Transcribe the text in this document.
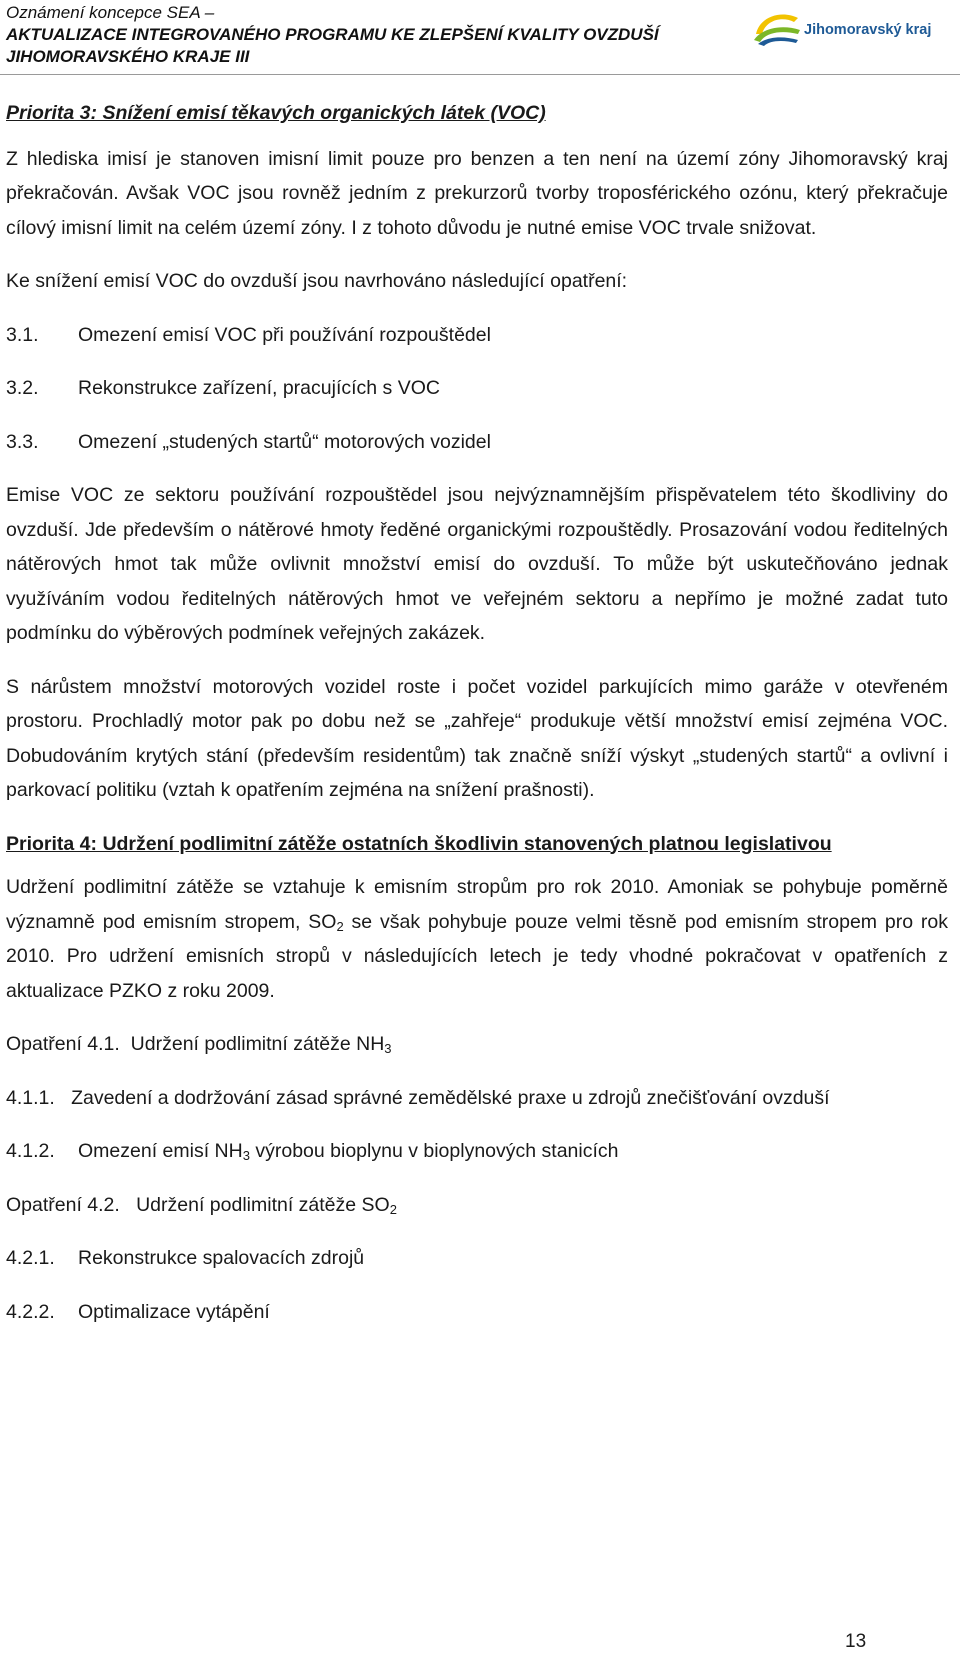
Oznámení koncepce SEA –
AKTUALIZACE INTEGROVANÉHO PROGRAMU KE ZLEPŠENÍ KVALITY OVZDUŠÍ
JIHOMORAVSKÉHO KRAJE III
Jihomoravský kraj

Priorita 3: Snížení emisí těkavých organických látek (VOC)

Z hlediska imisí je stanoven imisní limit pouze pro benzen a ten není na území zóny Jihomoravský kraj překračován. Avšak VOC jsou rovněž jedním z prekurzorů tvorby troposférického ozónu, který překračuje cílový imisní limit na celém území zóny. I z tohoto důvodu je nutné emise VOC trvale snižovat.

Ke snížení emisí VOC do ovzduší jsou navrhováno následující opatření:

3.1. Omezení emisí VOC při používání rozpouštědel

3.2. Rekonstrukce zařízení, pracujících s VOC

3.3. Omezení „studených startů“ motorových vozidel

Emise VOC ze sektoru používání rozpouštědel jsou nejvýznamnějším přispěvatelem této škodliviny do ovzduší. Jde především o nátěrové hmoty ředěné organickými rozpouštědly. Prosazování vodou ředitelných nátěrových hmot tak může ovlivnit množství emisí do ovzduší. To může být uskutečňováno jednak využíváním vodou ředitelných nátěrových hmot ve veřejném sektoru a nepřímo je možné zadat tuto podmínku do výběrových podmínek veřejných zakázek.

S nárůstem množství motorových vozidel roste i počet vozidel parkujících mimo garáže v otevřeném prostoru. Prochladlý motor pak po dobu než se „zahřeje“ produkuje větší množství emisí zejména VOC. Dobudováním krytých stání (především residentům) tak značně sníží výskyt „studených startů“ a ovlivní i parkovací politiku (vztah k opatřením zejména na snížení prašnosti).

Priorita 4: Udržení podlimitní zátěže ostatních škodlivin stanovených platnou legislativou

Udržení podlimitní zátěže se vztahuje k emisním stropům pro rok 2010. Amoniak se pohybuje poměrně významně pod emisním stropem, $SO_2$ se však pohybuje pouze velmi těsně pod emisním stropem pro rok 2010. Pro udržení emisních stropů v následujících letech je tedy vhodné pokračovat v opatřeních z aktualizace PZKO z roku 2009.

Opatření 4.1. Udržení podlimitní zátěže $NH_3$

4.1.1. Zavedení a dodržování zásad správné zemědělské praxe u zdrojů znečišťování ovzduší

4.1.2. Omezení emisí $NH_3$ výrobou bioplynu v bioplynových stanicích

Opatření 4.2. Udržení podlimitní zátěže $SO_2$

4.2.1. Rekonstrukce spalovacích zdrojů

4.2.2. Optimalizace vytápění

13
